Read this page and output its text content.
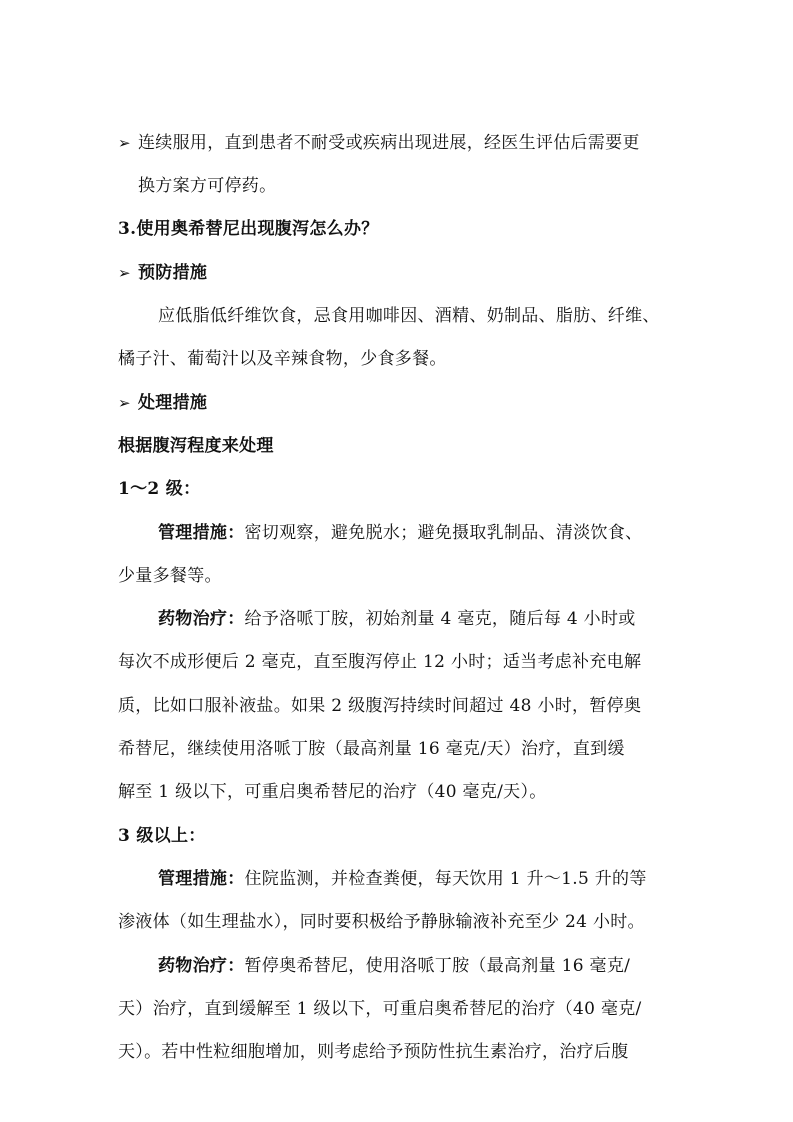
➢ 连续服用，直到患者不耐受或疾病出现进展，经医生评估后需要更
换方案方可停药。
3.使用奥希替尼出现腹泻怎么办？
➢ 预防措施
应低脂低纤维饮食，忌食用咖啡因、酒精、奶制品、脂肪、纤维、
橘子汁、葡萄汁以及辛辣食物，少食多餐。
➢ 处理措施
根据腹泻程度来处理
1～2 级：
管理措施：密切观察，避免脱水；避免摄取乳制品、清淡饮食、
少量多餐等。
药物治疗：给予洛哌丁胺，初始剂量 4 毫克，随后每 4 小时或
每次不成形便后 2 毫克，直至腹泻停止 12 小时；适当考虑补充电解
质，比如口服补液盐。如果 2 级腹泻持续时间超过 48 小时，暂停奥
希替尼，继续使用洛哌丁胺（最高剂量 16 毫克/天）治疗，直到缓
解至 1 级以下，可重启奥希替尼的治疗（40 毫克/天）。
3 级以上：
管理措施：住院监测，并检查粪便，每天饮用 1 升～1.5 升的等
渗液体（如生理盐水），同时要积极给予静脉输液补充至少 24 小时。
药物治疗：暂停奥希替尼，使用洛哌丁胺（最高剂量 16 毫克/
天）治疗，直到缓解至 1 级以下，可重启奥希替尼的治疗（40 毫克/
天）。若中性粒细胞增加，则考虑给予预防性抗生素治疗，治疗后腹
